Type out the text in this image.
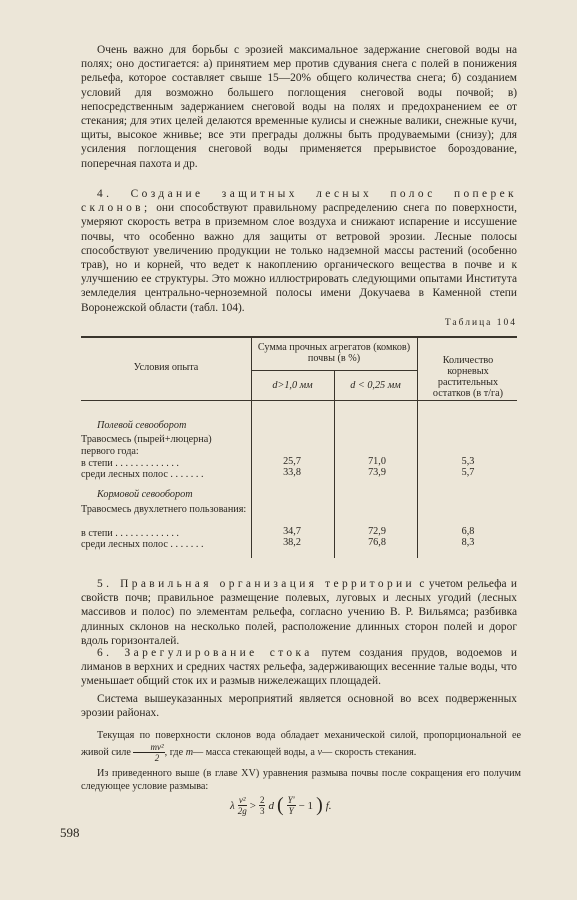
Очень важно для борьбы с эрозией максимальное задержание снеговой воды на полях; оно достигается: а) принятием мер против сдувания снега с полей в понижения рельефа, которое составляет свыше 15—20% общего количества снега; б) созданием условий для возможно большего поглощения снеговой воды почвой; в) непосредственным задержанием снеговой воды на полях и предохранением ее от стекания; для этих целей делаются временные кулисы и снежные валики, снежные кучи, щиты, высокое жнивье; все эти преграды должны быть продуваемыми (снизу); для усиления поглощения снеговой воды применяется прерывистое бороздование, поперечная пахота и др.

4. Создание защитных лесных полос поперек склонов; они способствуют правильному распределению снега по поверхности, умеряют скорость ветра в приземном слое воздуха и снижают испарение и иссушение почвы, что особенно важно для защиты от ветровой эрозии. Лесные полосы способствуют увеличению продукции не только надземной массы растений (особенно трав), но и корней, что ведет к накоплению органического вещества в почве и к улучшению ее структуры. Это можно иллюстрировать следующими опытами Института земледелия центрально-черноземной полосы имени Докучаева в Каменной степи Воронежской области (табл. 104).

Таблица 104
Условия опыта
Сумма прочных агрегатов (комков) почвы (в %)
d>1,0 мм	d < 0,25 мм
Количество корневых растительных остатков (в т/га)
Полевой севооборот
Травосмесь (пырей+люцерна) первого года:
в степи . . . . . . . . . . . . .
среди лесных полос . . . . . . .
25,7
33,8
71,0
73,9
5,3
5,7
Кормовой севооборот
Травосмесь двухлетнего пользования:
в степи . . . . . . . . . . . . .
среди лесных полос . . . . . . .
34,7
38,2
72,9
76,8
6,8
8,3

5. Правильная организация территории с учетом рельефа и свойств почв; правильное размещение полевых, луговых и лесных угодий (лесных массивов и полос) по элементам рельефа, согласно учению В. Р. Вильямса; разбивка длинных склонов на несколько полей, расположение длинных сторон полей и дорог вдоль горизонталей.

6. Зарегулирование стока путем создания прудов, водоемов и лиманов в верхних и средних частях рельефа, задерживающих весенние талые воды, что уменьшает общий сток их и размыв нижележащих площадей.

Система вышеуказанных мероприятий является основной во всех подверженных эрозии районах.

Текущая по поверхности склонов вода обладает механической силой, пропорциональной ее живой силе $\frac{\text{mv²}}{2}$ , где m— масса стекающей воды, а v— скорость стекания.

Из приведенного выше (в главе XV) уравнения размыва почвы после сокращения его получим следующее условие размыва:

λ $\frac{\text{v²}}{2g} > \frac{2}{3}$ d ( $\frac{Y'}{Y} - 1$ ) f.
598
